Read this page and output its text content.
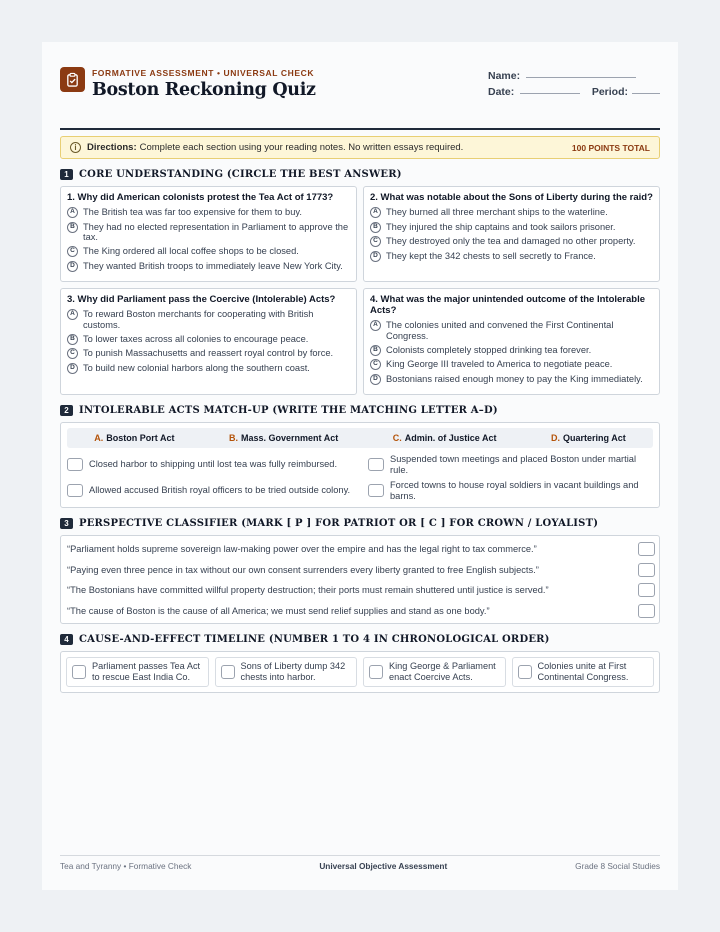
FORMATIVE ASSESSMENT • UNIVERSAL CHECK
Boston Reckoning Quiz
Name:
Date:	Period:
i	Directions: Complete each section using your reading notes. No written essays required.	100 POINTS TOTAL
1	CORE UNDERSTANDING (CIRCLE THE BEST ANSWER)
1. Why did American colonists protest the Tea Act of 1773?
A The British tea was far too expensive for them to buy.
B They had no elected representation in Parliament to approve the tax.
C The King ordered all local coffee shops to be closed.
D They wanted British troops to immediately leave New York City.
2. What was notable about the Sons of Liberty during the raid?
A They burned all three merchant ships to the waterline.
B They injured the ship captains and took sailors prisoner.
C They destroyed only the tea and damaged no other property.
D They kept the 342 chests to sell secretly to France.
3. Why did Parliament pass the Coercive (Intolerable) Acts?
A To reward Boston merchants for cooperating with British customs.
B To lower taxes across all colonies to encourage peace.
C To punish Massachusetts and reassert royal control by force.
D To build new colonial harbors along the southern coast.
4. What was the major unintended outcome of the Intolerable Acts?
A The colonies united and convened the First Continental Congress.
B Colonists completely stopped drinking tea forever.
C King George III traveled to America to negotiate peace.
D Bostonians raised enough money to pay the King immediately.
2	INTOLERABLE ACTS MATCH-UP (WRITE THE MATCHING LETTER A–D)
A. Boston Port Act	B. Mass. Government Act	C. Admin. of Justice Act	D. Quartering Act
Closed harbor to shipping until lost tea was fully reimbursed.
Suspended town meetings and placed Boston under martial rule.
Allowed accused British royal officers to be tried outside colony.
Forced towns to house royal soldiers in vacant buildings and barns.
3	PERSPECTIVE CLASSIFIER (MARK [ P ] FOR PATRIOT OR [ C ] FOR CROWN / LOYALIST)
“Parliament holds supreme sovereign law-making power over the empire and has the legal right to tax commerce.”
“Paying even three pence in tax without our own consent surrenders every liberty granted to free English subjects.”
“The Bostonians have committed willful property destruction; their ports must remain shuttered until justice is served.”
“The cause of Boston is the cause of all America; we must send relief supplies and stand as one body.”
4	CAUSE-AND-EFFECT TIMELINE (NUMBER 1 TO 4 IN CHRONOLOGICAL ORDER)
Parliament passes Tea Act to rescue East India Co.
Sons of Liberty dump 342 chests into harbor.
King George & Parliament enact Coercive Acts.
Colonies unite at First Continental Congress.
Tea and Tyranny • Formative Check	Universal Objective Assessment	Grade 8 Social Studies
